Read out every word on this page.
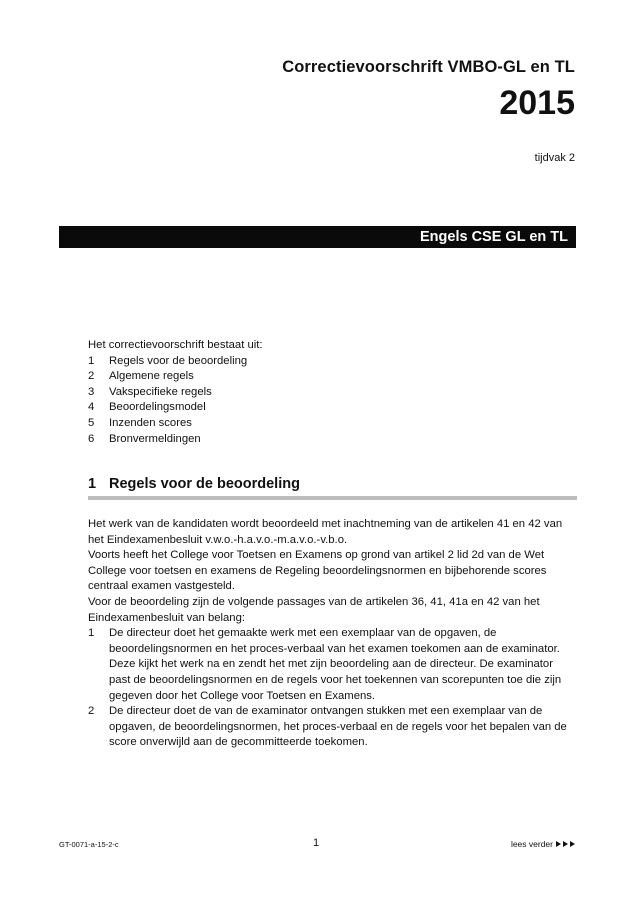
Correctievoorschrift VMBO-GL en TL
2015
tijdvak 2
Engels CSE GL en TL
Het correctievoorschrift bestaat uit:
1	Regels voor de beoordeling
2	Algemene regels
3	Vakspecifieke regels
4	Beoordelingsmodel
5	Inzenden scores
6	Bronvermeldingen
1 Regels voor de beoordeling

Het werk van de kandidaten wordt beoordeeld met inachtneming van de artikelen 41 en 42 van het Eindexamenbesluit v.w.o.-h.a.v.o.-m.a.v.o.-v.b.o.

Voorts heeft het College voor Toetsen en Examens op grond van artikel 2 lid 2d van de Wet College voor toetsen en examens de Regeling beoordelingsnormen en bijbehorende scores centraal examen vastgesteld.

Voor de beoordeling zijn de volgende passages van de artikelen 36, 41, 41a en 42 van het Eindexamenbesluit van belang:

1	De directeur doet het gemaakte werk met een exemplaar van de opgaven, de beoordelingsnormen en het proces-verbaal van het examen toekomen aan de examinator. Deze kijkt het werk na en zendt het met zijn beoordeling aan de directeur. De examinator past de beoordelingsnormen en de regels voor het toekennen van scorepunten toe die zijn gegeven door het College voor Toetsen en Examens.
2	De directeur doet de van de examinator ontvangen stukken met een exemplaar van de opgaven, de beoordelingsnormen, het proces-verbaal en de regels voor het bepalen van de score onverwijld aan de gecommitteerde toekomen.
GT-0071-a-15-2-c	1	lees verder
